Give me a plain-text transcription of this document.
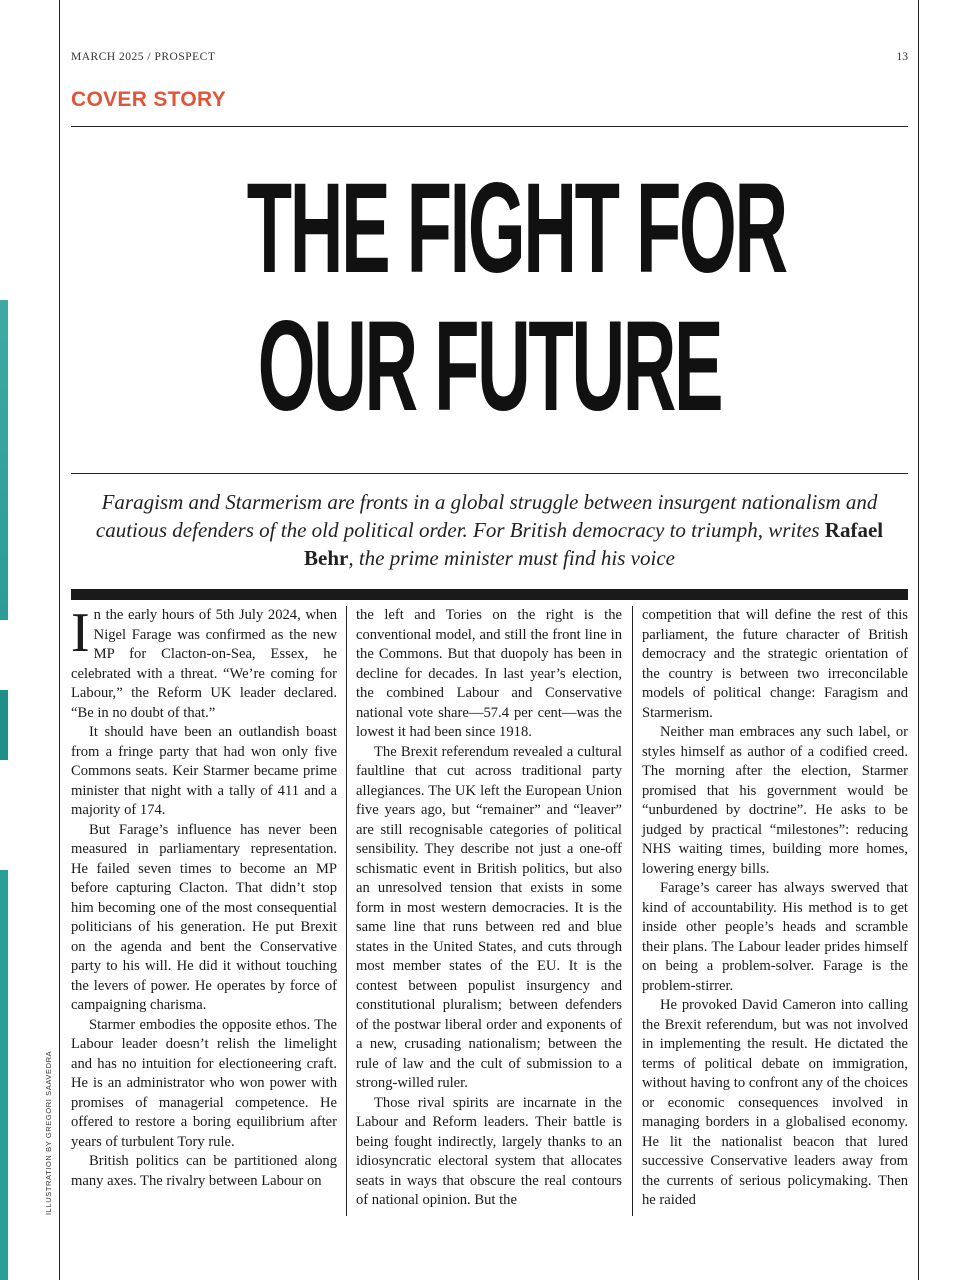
MARCH 2025 / PROSPECT	13
COVER STORY
THE FIGHT FOR
OUR FUTURE
Faragism and Starmerism are fronts in a global struggle between insurgent nationalism and cautious defenders of the old political order. For British democracy to triumph, writes Rafael Behr, the prime minister must find his voice

In the early hours of 5th July 2024, when Nigel Farage was confirmed as the new MP for Clacton-on-Sea, Essex, he celebrated with a threat. “We’re coming for Labour,” the Reform UK leader declared. “Be in no doubt of that.”

It should have been an outlandish boast from a fringe party that had won only five Commons seats. Keir Starmer became prime minister that night with a tally of 411 and a majority of 174.

But Farage’s influence has never been measured in parliamentary representation. He failed seven times to become an MP before capturing Clacton. That didn’t stop him becoming one of the most consequential politicians of his generation. He put Brexit on the agenda and bent the Conservative party to his will. He did it without touching the levers of power. He operates by force of campaigning charisma.

Starmer embodies the opposite ethos. The Labour leader doesn’t relish the limelight and has no intuition for electioneering craft. He is an administrator who won power with promises of managerial competence. He offered to restore a boring equilibrium after years of turbulent Tory rule.

British politics can be partitioned along many axes. The rivalry between Labour on

the left and Tories on the right is the conventional model, and still the front line in the Commons. But that duopoly has been in decline for decades. In last year’s election, the combined Labour and Conservative national vote share—57.4 per cent—was the lowest it had been since 1918.

The Brexit referendum revealed a cultural faultline that cut across traditional party allegiances. The UK left the European Union five years ago, but “remainer” and “leaver” are still recognisable categories of political sensibility. They describe not just a one-off schismatic event in British politics, but also an unresolved tension that exists in some form in most western democracies. It is the same line that runs between red and blue states in the United States, and cuts through most member states of the EU. It is the contest between populist insurgency and constitutional pluralism; between defenders of the postwar liberal order and exponents of a new, crusading nationalism; between the rule of law and the cult of submission to a strong-willed ruler.

Those rival spirits are incarnate in the Labour and Reform leaders. Their battle is being fought indirectly, largely thanks to an idiosyncratic electoral system that allocates seats in ways that obscure the real contours of national opinion. But the

competition that will define the rest of this parliament, the future character of British democracy and the strategic orientation of the country is between two irreconcilable models of political change: Faragism and Starmerism.

Neither man embraces any such label, or styles himself as author of a codified creed. The morning after the election, Starmer promised that his government would be “unburdened by doctrine”. He asks to be judged by practical “milestones”: reducing NHS waiting times, building more homes, lowering energy bills.

Farage’s career has always swerved that kind of accountability. His method is to get inside other people’s heads and scramble their plans. The Labour leader prides himself on being a problem-solver. Farage is the problem-stirrer.

He provoked David Cameron into calling the Brexit referendum, but was not involved in implementing the result. He dictated the terms of political debate on immigration, without having to confront any of the choices or economic consequences involved in managing borders in a globalised economy. He lit the nationalist beacon that lured successive Conservative leaders away from the currents of serious policymaking. Then he raided

ILLUSTRATION BY GREGORI SAAVEDRA
